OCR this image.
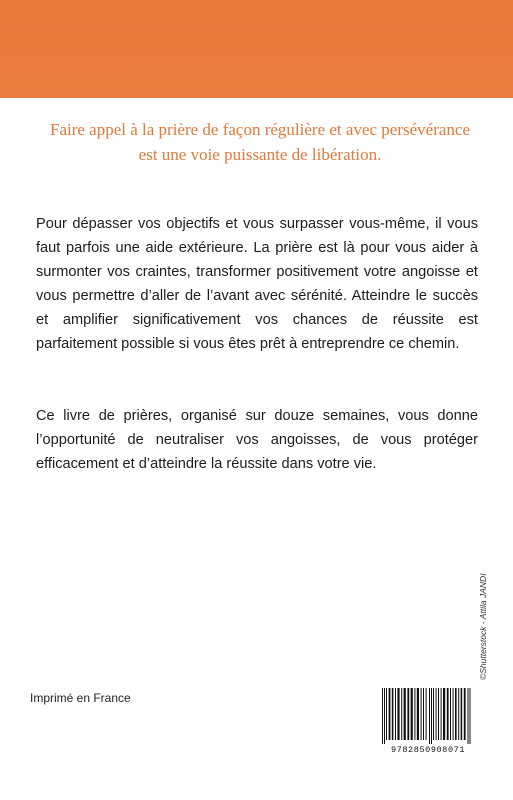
Faire appel à la prière de façon régulière et avec persévérance est une voie puissante de libération.
Pour dépasser vos objectifs et vous surpasser vous-même, il vous faut parfois une aide extérieure. La prière est là pour vous aider à surmonter vos craintes, transformer positivement votre angoisse et vous permettre d’aller de l’avant avec sérénité. Atteindre le succès et amplifier significativement vos chances de réussite est parfaitement possible si vous êtes prêt à entreprendre ce chemin.
Ce livre de prières, organisé sur douze semaines, vous donne l’opportunité de neutraliser vos angoisses, de vous protéger efficacement et d’atteindre la réussite dans votre vie.
©Shutterstock - Attila JANDI
Imprimé en France
9782850908071
